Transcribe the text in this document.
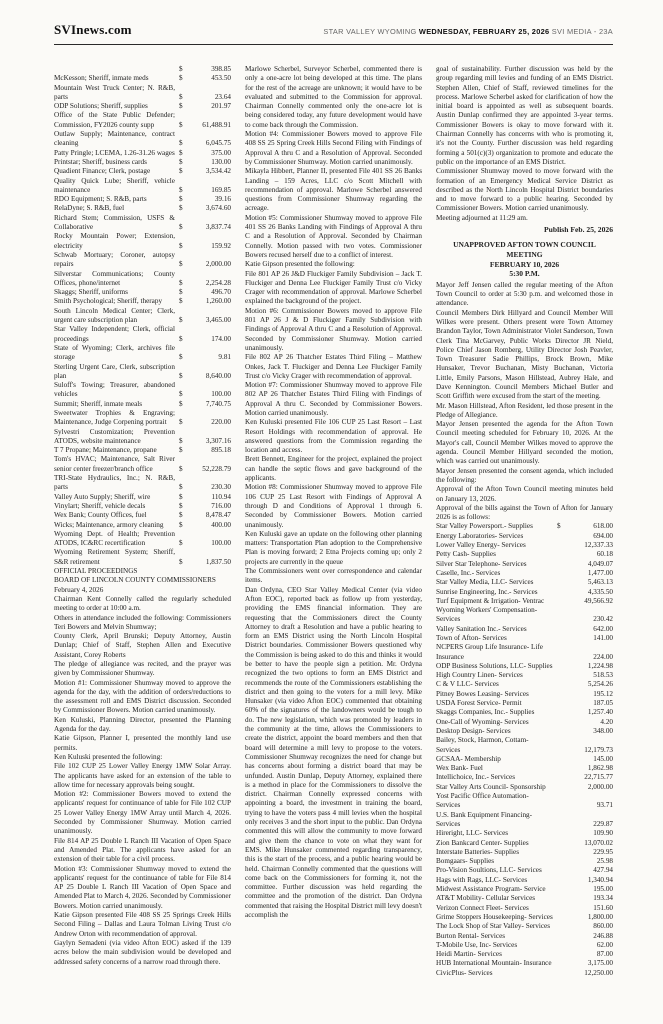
SVInews.com	STAR VALLEY WYOMING WEDNESDAY, FEBRUARY 25, 2026 SVI MEDIA - 23A
$	398.85
McKesson; Sheriff, inmate meds	$	453.50
Mountain West Truck Center; N. R&B, parts	$	23.64
ODP Solutions; Sheriff, supplies	$	201.97
Office of the State Public Defender; Commission, FY2026 county supp	$	61,488.91
Outlaw Supply; Maintenance, contract cleaning	$	6,045.75
Patty Pringle; LCEMA, 1.26-31.26 wages $	375.00
Printstar; Sheriff, business cards	$	130.00
Quadient Finance; Clerk, postage	$	3,534.42
Quality Quick Lube; Sheriff, vehicle maintenance	$	169.85
RDO Equipment; S. R&B, parts	$	39.16
RelaDyne; S. R&B, fuel	$	3,674.60
Richard Stem; Commission, USFS & Collaborative	$	3,837.74
Rocky Mountain Power; Extension, electricity	$	159.92
Schwab Mortuary; Coroner, autopsy repairs	$	2,000.00
Silverstar Communications; County Offices, phone/internet	$	2,254.28
Skaggs; Sheriff, uniforms	$	496.70
Smith Psychological; Sheriff, therapy	$	1,260.00
South Lincoln Medical Center; Clerk, urgent care subscription plan	$	3,465.00
Star Valley Independent; Clerk, official proceedings	$	174.00
State of Wyoming; Clerk, archives file storage	$	9.81
Sterling Urgent Care, Clerk, subscription plan	$	8,640.00
Suloff's Towing; Treasurer, abandoned vehicles	$	100.00
Summit; Sheriff, inmate meals	$	7,740.75
Sweetwater Trophies & Engraving; Maintenance, Judge Corpening portrait	$	220.00
Sylvestri Customization; Prevention ATODS, website maintenance	$	3,307.16
T 7 Propane; Maintenance, propane	$	895.18
Tom's HVAC; Maintenance, Salt River senior center freezer/branch office	$	52,228.79
TRI-State Hydraulics, Inc.; N. R&B, parts	$	230.30
Valley Auto Supply; Sheriff, wire	$	110.94
Vinylart; Sheriff, vehicle decals	$	716.00
Wex Bank; County Offices, fuel	$	8,478.47
Wicks; Maintenance, armory cleaning	$	400.00
Wyoming Dept. of Health; Prevention ATODS, IC&RC recertification	$	100.00
Wyoming Retirement System; Sheriff, S&R retirement	$	1,837.50
OFFICIAL PROCEEDINGS
BOARD OF LINCOLN COUNTY COMMISSIONERS
February 4, 2026

Chairman Kent Connelly called the regularly scheduled meeting to order at 10:00 a.m.

Others in attendance included the following: Commissioners Teri Bowers and Melvin Shumway;

County Clerk, April Brunski; Deputy Attorney, Austin Dunlap; Chief of Staff, Stephen Allen and Executive Assistant, Corey Roberts

The pledge of allegiance was recited, and the prayer was given by Commissioner Shumway.

Motion #1: Commissioner Shumway moved to approve the agenda for the day, with the addition of orders/reductions to the assessment roll and EMS District discussion. Seconded by Commissioner Bowers. Motion carried unanimously.

Ken Kuluski, Planning Director, presented the Planning Agenda for the day.

Katie Gipson, Planner I, presented the monthly land use permits.

Ken Kuluski presented the following:

File 102 CUP 25 Lower Valley Energy 1MW Solar Array. The applicants have asked for an extension of the table to allow time for necessary approvals being sought.

Motion #2: Commissioner Bowers moved to extend the applicants' request for continuance of table for File 102 CUP 25 Lower Valley Energy 1MW Array until March 4, 2026. Seconded by Commissioner Shumway. Motion carried unanimously.

File 814 AP 25 Double L Ranch III Vacation of Open Space and Amended Plat. The applicants have asked for an extension of their table for a civil process.

Motion #3: Commissioner Shumway moved to extend the applicants' request for the continuance of table for File 814 AP 25 Double L Ranch III Vacation of Open Space and Amended Plat to March 4, 2026. Seconded by Commissioner Bowers. Motion carried unanimously.

Katie Gipson presented File 408 SS 25 Springs Creek Hills Second Filing – Dallas and Laura Tolman Living Trust c/o Andrew Orton with recommendation of approval.

Gaylyn Semadeni (via video Afton EOC) asked if the 139 acres below the main subdivision would be developed and addressed safety concerns of a narrow road through there.

Marlowe Scherbel, Surveyor Scherbel, commented there is only a one-acre lot being developed at this time. The plans for the rest of the acreage are unknown; it would have to be evaluated and submitted to the Commission for approval. Chairman Connelly commented only the one-acre lot is being considered today, any future development would have to come back through the Commission.

Motion #4: Commissioner Bowers moved to approve File 408 SS 25 Spring Creek Hills Second Filing with Findings of Approval A thru C and a Resolution of Approval. Seconded by Commissioner Shumway. Motion carried unanimously.

Mikayla Hibbert, Planner II, presented File 401 SS 26 Banks Landing – 159 Acres, LLC c/o Scott Mitchell with recommendation of approval. Marlowe Scherbel answered questions from Commissioner Shumway regarding the acreage.

Motion #5: Commissioner Shumway moved to approve File 401 SS 26 Banks Landing with Findings of Approval A thru C and a Resolution of Approval. Seconded by Chairman Connelly. Motion passed with two votes. Commissioner Bowers recused herself due to a conflict of interest.

Katie Gipson presented the following:

File 801 AP 26 J&D Fluckiger Family Subdivision – Jack T. Fluckiger and Denna Lee Fluckiger Family Trust c/o Vicky Crager with recommendation of approval. Marlowe Scherbel explained the background of the project.

Motion #6: Commissioner Bowers moved to approve File 801 AP 26 J & D Fluckiger Family Subdivision with Findings of Approval A thru C and a Resolution of Approval. Seconded by Commissioner Shumway. Motion carried unanimously.

File 802 AP 26 Thatcher Estates Third Filing – Matthew Onkes, Jack T. Fluckiger and Denna Lee Fluckiger Family Trust c/o Vicky Crager with recommendation of approval.

Motion #7: Commissioner Shumway moved to approve File 802 AP 26 Thatcher Estates Third Filing with Findings of Approval A thru C. Seconded by Commissioner Bowers. Motion carried unanimously.

Ken Kuluski presented File 106 CUP 25 Last Resort – Last Resort Holdings with recommendation of approval. He answered questions from the Commission regarding the location and access.

Brett Bennett, Engineer for the project, explained the project can handle the septic flows and gave background of the applicants.

Motion #8: Commissioner Shumway moved to approve File 106 CUP 25 Last Resort with Findings of Approval A through D and Conditions of Approval 1 through 6. Seconded by Commissioner Bowers. Motion carried unanimously.

Ken Kuluski gave an update on the following other planning matters: Transportation Plan adoption to the Comprehensive Plan is moving forward; 2 Etna Projects coming up; only 2 projects are currently in the queue

The Commissioners went over correspondence and calendar items.

Dan Ordyna, CEO Star Valley Medical Center (via video Afton EOC), reported back as follow up from yesterday, providing the EMS financial information. They are requesting that the Commissioners direct the County Attorney to draft a Resolution and have a public hearing to form an EMS District using the North Lincoln Hospital District boundaries. Commissioner Bowers questioned why the Commission is being asked to do this and thinks it would be better to have the people sign a petition. Mr. Ordyna recognized the two options to form an EMS District and recommends the route of the Commissioners establishing the district and then going to the voters for a mill levy. Mike Hunsaker (via video Afton EOC) commented that obtaining 60% of the signatures of the landowners would be tough to do. The new legislation, which was promoted by leaders in the community at the time, allows the Commissioners to create the district, appoint the board members and then that board will determine a mill levy to propose to the voters. Commissioner Shumway recognizes the need for change but has concerns about forming a district board that may be unfunded. Austin Dunlap, Deputy Attorney, explained there is a method in place for the Commissioners to dissolve the district. Chairman Connelly expressed concerns with appointing a board, the investment in training the board, trying to have the voters pass 4 mill levies when the hospital only receives 3 and the short input to the public. Dan Ordyna commented this will allow the community to move forward and give them the chance to vote on what they want for EMS. Mike Hunsaker commented regarding transparency, this is the start of the process, and a public hearing would be held. Chairman Connelly commented that the questions will come back on the Commissioners for forming it, not the committee. Further discussion was held regarding the committee and the promotion of the district. Dan Ordyna commented that raising the Hospital District mill levy doesn't accomplish the

goal of sustainability. Further discussion was held by the group regarding mill levies and funding of an EMS District. Stephen Allen, Chief of Staff, reviewed timelines for the process. Marlowe Scherbel asked for clarification of how the initial board is appointed as well as subsequent boards. Austin Dunlap confirmed they are appointed 3-year terms. Commissioner Bowers is okay to move forward with it. Chairman Connelly has concerns with who is promoting it, it's not the County. Further discussion was held regarding forming a 501(c)(3) organization to promote and educate the public on the importance of an EMS District.

Commissioner Shumway moved to move forward with the formation of an Emergency Medical Service District as described as the North Lincoln Hospital District boundaries and to move forward to a public hearing. Seconded by Commissioner Bowers. Motion carried unanimously.

Meeting adjourned at 11:29 am.

Publish Feb. 25, 2026
UNAPPROVED AFTON TOWN COUNCIL MEETING
FEBRUARY 10, 2026
5:30 P.M.

Mayor Jeff Jensen called the regular meeting of the Afton Town Council to order at 5:30 p.m. and welcomed those in attendance.

Council Members Dirk Hillyard and Council Member Will Wilkes were present. Others present were Town Attorney Brandon Taylor, Town Administrator Violet Sanderson, Town Clerk Tina McGarvey, Public Works Director JR Nield, Police Chief Jason Romberg, Utility Director Josh Peavler, Town Treasurer Sadie Phillips, Brock Brown, Mike Hunsaker, Trevor Buchanan, Misty Buchanan, Victoria Little, Emily Parsons, Mason Hillstead, Aubrey Hale, and Dave Kennington. Council Members Michael Butler and Scott Griffith were excused from the start of the meeting.

Mr. Mason Hillstead, Afton Resident, led those present in the Pledge of Allegiance.

Mayor Jensen presented the agenda for the Afton Town Council meeting scheduled for February 10, 2026. At the Mayor's call, Council Member Wilkes moved to approve the agenda. Council Member Hillyard seconded the motion, which was carried out unanimously.

Mayor Jensen presented the consent agenda, which included the following:

Approval of the Afton Town Council meeting minutes held on January 13, 2026.

Approval of the bills against the Town of Afton for January 2026 is as follows:

Star Valley Powersport.- Supplies	$	618.00
Energy Laboratories- Services	694.00
Lower Valley Energy- Services	12,337.33
Petty Cash- Supplies	60.18
Silver Star Telephone- Services	4,049.07
Caselle, Inc.- Services	1,477.00
Star Valley Media, LLC- Services	5,463.13
Sunrise Engineering, Inc.- Services	4,335.50
Turf Equipment & Irrigation- Ventrac	49,566.92
Wyoming Workers' Compensation- Services	230.42
Valley Sanitation Inc.- Services	642.00
Town of Afton- Services	141.00
NCPERS Group Life Insurance- Life Insurance	224.00
ODP Business Solutions, LLC- Supplies	1,224.98
High Country Linen- Services	518.53
C & V LLC- Services	5,254.26
Pitney Bowes Leasing- Services	195.12
USDA Forest Service- Permit	187.05
Skaggs Companies, Inc.- Supplies	1,257.40
One-Call of Wyoming- Services	4.20
Desktop Design- Services	348.00
Bailey, Stock, Harmon, Cottam- Services	12,179.73
GCSAA- Membership	145.00
Wex Bank- Fuel	1,862.98
Intellichoice, Inc.- Services	22,715.77
Star Valley Arts Council- Sponsorship	2,000.00
Yost Pacific Office Automation- Services	93.71
U.S. Bank Equipment Financing- Services	229.87
Hireright, LLC- Services	109.90
Zion Bankcard Center- Supplies	13,070.02
Interstate Batteries- Supplies	229.95
Bomgaars- Supplies	25.98
Pro-Vision Soultions, LLC- Services	427.94
Hags with Rags, LLC- Services	1,340.94
Midwest Assistance Program- Service	195.00
AT&T Mobility- Cellular Services	193.34
Verizon Connect Fleet- Services	151.60
Grime Stoppers Housekeeping- Services	1,800.00
The Lock Shop of Star Valley- Services	860.00
Burton Rental- Services	246.88
T-Mobile Use, Inc- Services	62.00
Heidi Martin- Services	87.00
HUB International Mountain- Insurance	3,175.00
CivicPlus- Services	12,250.00
